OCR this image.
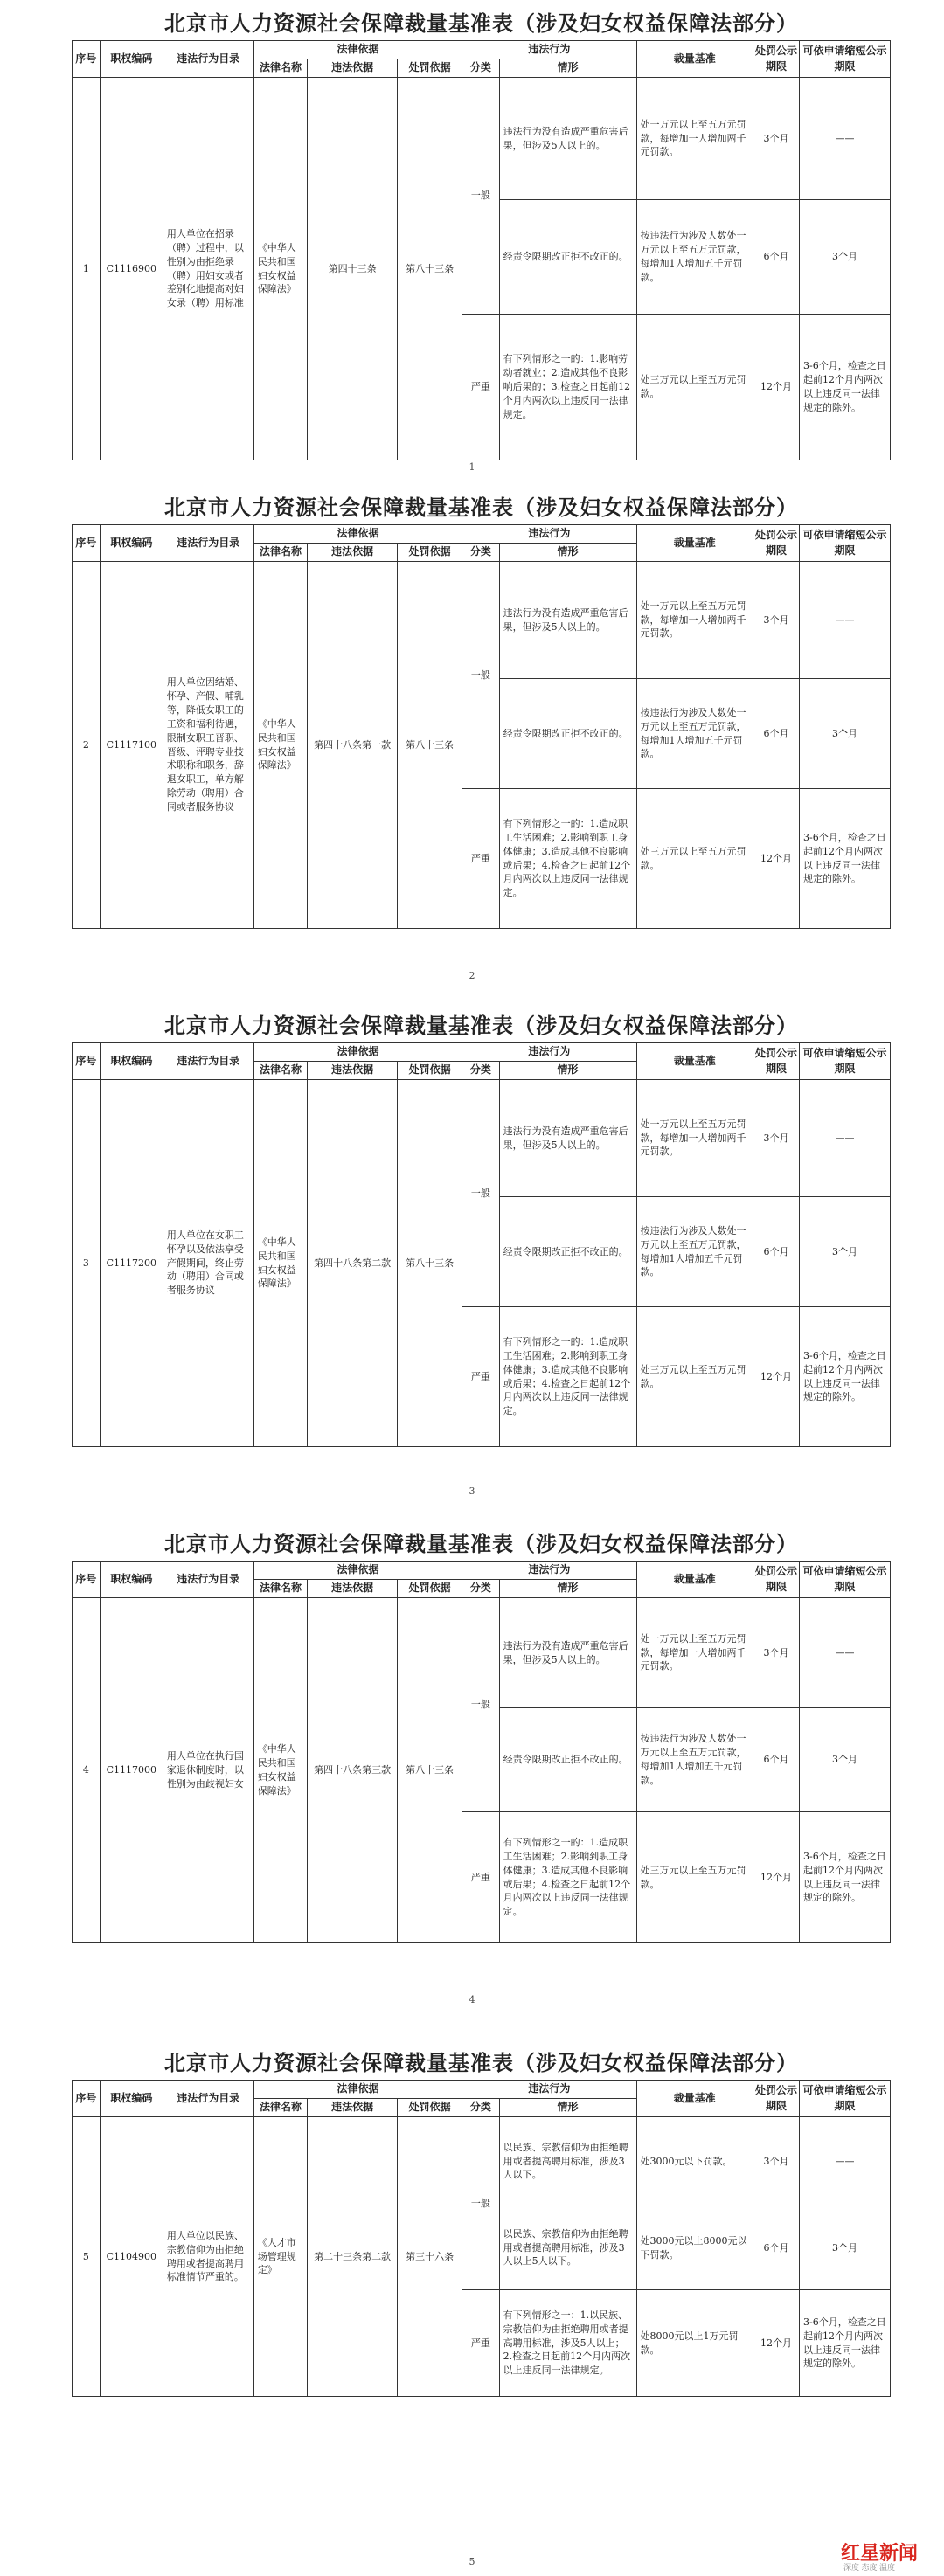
北京市人力资源社会保障裁量基准表（涉及妇女权益保障法部分）
序号	职权编码	违法行为目录	法律依据			违法行为		裁量基准	处罚公示期限	可依申请缩短公示期限
			法律名称	违法依据	处罚依据	分类	情形			
1	C1116900	用人单位在招录（聘）过程中，以性别为由拒绝录（聘）用妇女或者差别化地提高对妇女录（聘）用标准	《中华人民共和国妇女权益保障法》	第四十三条	第八十三条	一般	违法行为没有造成严重危害后果，但涉及5人以上的。	处一万元以上至五万元罚款，每增加一人增加两千元罚款。	3个月	——
							经责令限期改正拒不改正的。	按违法行为涉及人数处一万元以上至五万元罚款，每增加1人增加五千元罚款。	6个月	3个月
						严重	有下列情形之一的：1.影响劳动者就业；2.造成其他不良影响后果的；3.检查之日起前12个月内两次以上违反同一法律规定。	处三万元以上至五万元罚款。	12个月	3-6个月，检查之日起前12个月内两次以上违反同一法律规定的除外。
1
北京市人力资源社会保障裁量基准表（涉及妇女权益保障法部分）
序号	职权编码	违法行为目录	法律依据			违法行为		裁量基准	处罚公示期限	可依申请缩短公示期限
			法律名称	违法依据	处罚依据	分类	情形			
2	C1117100	用人单位因结婚、怀孕、产假、哺乳等，降低女职工的工资和福利待遇，限制女职工晋职、晋级、评聘专业技术职称和职务，辞退女职工，单方解除劳动（聘用）合同或者服务协议	《中华人民共和国妇女权益保障法》	第四十八条第一款	第八十三条	一般	违法行为没有造成严重危害后果，但涉及5人以上的。	处一万元以上至五万元罚款，每增加一人增加两千元罚款。	3个月	——
							经责令限期改正拒不改正的。	按违法行为涉及人数处一万元以上至五万元罚款，每增加1人增加五千元罚款。	6个月	3个月
						严重	有下列情形之一的：1.造成职工生活困难；2.影响到职工身体健康；3.造成其他不良影响或后果；4.检查之日起前12个月内两次以上违反同一法律规定。	处三万元以上至五万元罚款。	12个月	3-6个月，检查之日起前12个月内两次以上违反同一法律规定的除外。
2
北京市人力资源社会保障裁量基准表（涉及妇女权益保障法部分）
序号	职权编码	违法行为目录	法律依据			违法行为		裁量基准	处罚公示期限	可依申请缩短公示期限
			法律名称	违法依据	处罚依据	分类	情形			
3	C1117200	用人单位在女职工怀孕以及依法享受产假期间，终止劳动（聘用）合同或者服务协议	《中华人民共和国妇女权益保障法》	第四十八条第二款	第八十三条	一般	违法行为没有造成严重危害后果，但涉及5人以上的。	处一万元以上至五万元罚款，每增加一人增加两千元罚款。	3个月	——
							经责令限期改正拒不改正的。	按违法行为涉及人数处一万元以上至五万元罚款，每增加1人增加五千元罚款。	6个月	3个月
						严重	有下列情形之一的：1.造成职工生活困难；2.影响到职工身体健康；3.造成其他不良影响或后果；4.检查之日起前12个月内两次以上违反同一法律规定。	处三万元以上至五万元罚款。	12个月	3-6个月，检查之日起前12个月内两次以上违反同一法律规定的除外。
3
北京市人力资源社会保障裁量基准表（涉及妇女权益保障法部分）
序号	职权编码	违法行为目录	法律依据			违法行为		裁量基准	处罚公示期限	可依申请缩短公示期限
			法律名称	违法依据	处罚依据	分类	情形			
4	C1117000	用人单位在执行国家退休制度时，以性别为由歧视妇女	《中华人民共和国妇女权益保障法》	第四十八条第三款	第八十三条	一般	违法行为没有造成严重危害后果，但涉及5人以上的。	处一万元以上至五万元罚款，每增加一人增加两千元罚款。	3个月	——
							经责令限期改正拒不改正的。	按违法行为涉及人数处一万元以上至五万元罚款，每增加1人增加五千元罚款。	6个月	3个月
						严重	有下列情形之一的：1.造成职工生活困难；2.影响到职工身体健康；3.造成其他不良影响或后果；4.检查之日起前12个月内两次以上违反同一法律规定。	处三万元以上至五万元罚款。	12个月	3-6个月，检查之日起前12个月内两次以上违反同一法律规定的除外。
4
北京市人力资源社会保障裁量基准表（涉及妇女权益保障法部分）
序号	职权编码	违法行为目录	法律依据			违法行为		裁量基准	处罚公示期限	可依申请缩短公示期限
			法律名称	违法依据	处罚依据	分类	情形			
5	C1104900	用人单位以民族、宗教信仰为由拒绝聘用或者提高聘用标准情节严重的。	《人才市场管理规定》	第二十三条第二款	第三十六条	一般	以民族、宗教信仰为由拒绝聘用或者提高聘用标准，涉及3人以下。	处3000元以下罚款。	3个月	——
							以民族、宗教信仰为由拒绝聘用或者提高聘用标准，涉及3人以上5人以下。	处3000元以上8000元以下罚款。	6个月	3个月
						严重	有下列情形之一：1.以民族、宗教信仰为由拒绝聘用或者提高聘用标准，涉及5人以上；2.检查之日起前12个月内两次以上违反同一法律规定。	处8000元以上1万元罚款。	12个月	3-6个月，检查之日起前12个月内两次以上违反同一法律规定的除外。
5	红星新闻
深度 态度 温度
